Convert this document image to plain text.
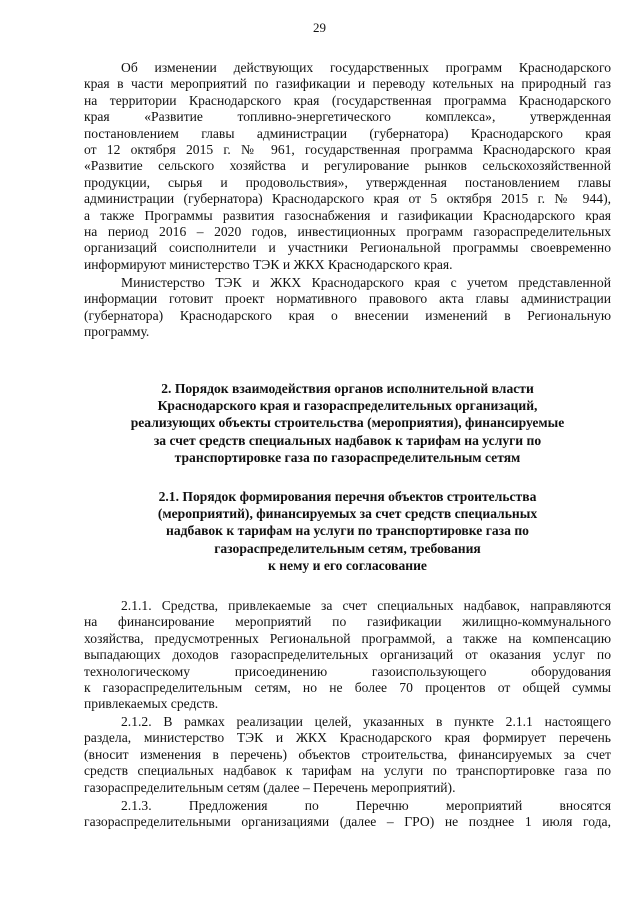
29

Об изменении действующих государственных программ Краснодарского
края в части мероприятий по газификации и переводу котельных на природный газ
на территории Краснодарского края (государственная программа Краснодарского
края «Развитие топливно-энергетического комплекса», утвержденная
постановлением главы администрации (губернатора) Краснодарского края
от 12 октября 2015 г. № 961, государственная программа Краснодарского края
«Развитие сельского хозяйства и регулирование рынков сельскохозяйственной
продукции, сырья и продовольствия», утвержденная постановлением главы
администрации (губернатора) Краснодарского края от 5 октября 2015 г. № 944),
а также Программы развития газоснабжения и газификации Краснодарского края
на период 2016 – 2020 годов, инвестиционных программ газораспределительных
организаций соисполнители и участники Региональной программы своевременно
информируют министерство ТЭК и ЖКХ Краснодарского края.

Министерство ТЭК и ЖКХ Краснодарского края с учетом представленной
информации готовит проект нормативного правового акта главы администрации
(губернатора) Краснодарского края о внесении изменений в Региональную
программу.

2. Порядок взаимодействия органов исполнительной власти
Краснодарского края и газораспределительных организаций,
реализующих объекты строительства (мероприятия), финансируемые
за счет средств специальных надбавок к тарифам на услуги по
транспортировке газа по газораспределительным сетям

2.1. Порядок формирования перечня объектов строительства
(мероприятий), финансируемых за счет средств специальных
надбавок к тарифам на услуги по транспортировке газа по
газораспределительным сетям, требования
к нему и его согласование

2.1.1. Средства, привлекаемые за счет специальных надбавок, направляются
на финансирование мероприятий по газификации жилищно-коммунального
хозяйства, предусмотренных Региональной программой, а также на компенсацию
выпадающих доходов газораспределительных организаций от оказания услуг по
технологическому присоединению газоиспользующего оборудования
к газораспределительным сетям, но не более 70 процентов от общей суммы
привлекаемых средств.

2.1.2. В рамках реализации целей, указанных в пункте 2.1.1 настоящего
раздела, министерство ТЭК и ЖКХ Краснодарского края формирует перечень
(вносит изменения в перечень) объектов строительства, финансируемых за счет
средств специальных надбавок к тарифам на услуги по транспортировке газа по
газораспределительным сетям (далее – Перечень мероприятий).

2.1.3. Предложения по Перечню мероприятий вносятся
газораспределительными организациями (далее – ГРО) не позднее 1 июля года,
